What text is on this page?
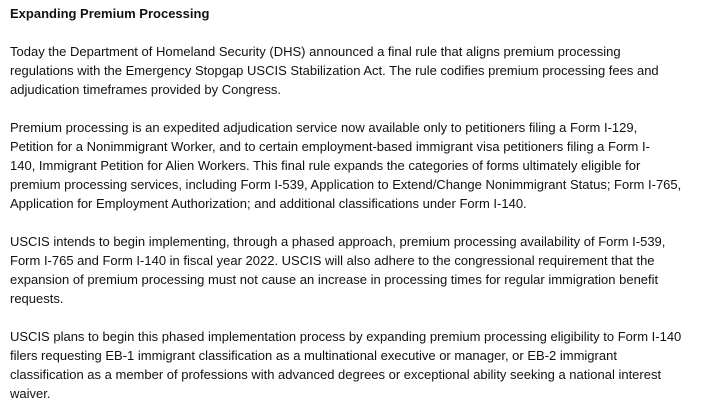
Expanding Premium Processing
Today the Department of Homeland Security (DHS) announced a final rule that aligns premium processing
regulations with the Emergency Stopgap USCIS Stabilization Act. The rule codifies premium processing fees and
adjudication timeframes provided by Congress.
Premium processing is an expedited adjudication service now available only to petitioners filing a Form I-129,
Petition for a Nonimmigrant Worker, and to certain employment-based immigrant visa petitioners filing a Form I-
140, Immigrant Petition for Alien Workers. This final rule expands the categories of forms ultimately eligible for
premium processing services, including Form I-539, Application to Extend/Change Nonimmigrant Status; Form I-765,
Application for Employment Authorization; and additional classifications under Form I-140.
USCIS intends to begin implementing, through a phased approach, premium processing availability of Form I-539,
Form I-765 and Form I-140 in fiscal year 2022. USCIS will also adhere to the congressional requirement that the
expansion of premium processing must not cause an increase in processing times for regular immigration benefit
requests.
USCIS plans to begin this phased implementation process by expanding premium processing eligibility to Form I-140
filers requesting EB-1 immigrant classification as a multinational executive or manager, or EB-2 immigrant
classification as a member of professions with advanced degrees or exceptional ability seeking a national interest
waiver.
